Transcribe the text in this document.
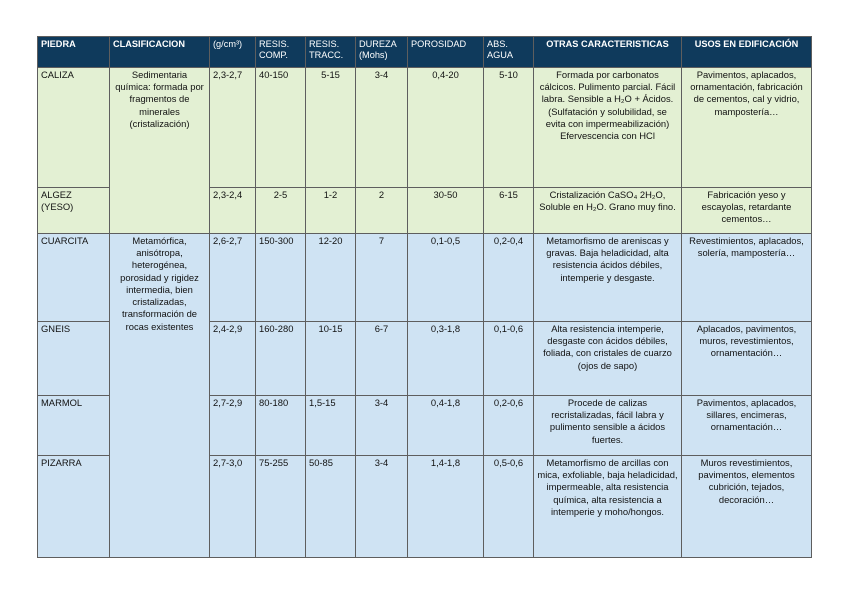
PIEDRA	CLASIFICACION	(g/cm³)	RESIS. COMP.	RESIS. TRACC.	DUREZA (Mohs)	POROSIDAD	ABS. AGUA	OTRAS CARACTERISTICAS	USOS EN EDIFICACIÓN
CALIZA	Sedimentaria química: formada por fragmentos de minerales (cristalización)	2,3-2,7	40-150	5-15	3-4	0,4-20	5-10	Formada por carbonatos cálcicos. Pulimento parcial. Fácil labra. Sensible a H₂O + Ácidos. (Sulfatación y solubilidad, se evita con impermeabilización) Efervescencia con HCl	Pavimentos, aplacados, ornamentación, fabricación de cementos, cal y vidrio, mampostería…
ALGEZ (YESO)		2,3-2,4	2-5	1-2	2	30-50	6-15	Cristalización CaSO₄ 2H₂O, Soluble en H₂O. Grano muy fino.	Fabricación yeso y escayolas, retardante cementos…
CUARCITA	Metamórfica, anisótropa, heterogénea, porosidad y rigidez intermedia, bien cristalizadas, transformación de rocas existentes	2,6-2,7	150-300	12-20	7	0,1-0,5	0,2-0,4	Metamorfismo de areniscas y gravas. Baja heladicidad, alta resistencia ácidos débiles, intemperie y desgaste.	Revestimientos, aplacados, solería, mampostería…
GNEIS		2,4-2,9	160-280	10-15	6-7	0,3-1,8	0,1-0,6	Alta resistencia intemperie, desgaste con ácidos débiles, foliada, con cristales de cuarzo (ojos de sapo)	Aplacados, pavimentos, muros, revestimientos, ornamentación…
MARMOL		2,7-2,9	80-180	1,5-15	3-4	0,4-1,8	0,2-0,6	Procede de calizas recristalizadas, fácil labra y pulimento sensible a ácidos fuertes.	Pavimentos, aplacados, sillares, encimeras, ornamentación…
PIZARRA		2,7-3,0	75-255	50-85	3-4	1,4-1,8	0,5-0,6	Metamorfismo de arcillas con mica, exfoliable, baja heladicidad, impermeable, alta resistencia química, alta resistencia a intemperie y moho/hongos.	Muros revestimientos, pavimentos, elementos cubrición, tejados, decoración…
